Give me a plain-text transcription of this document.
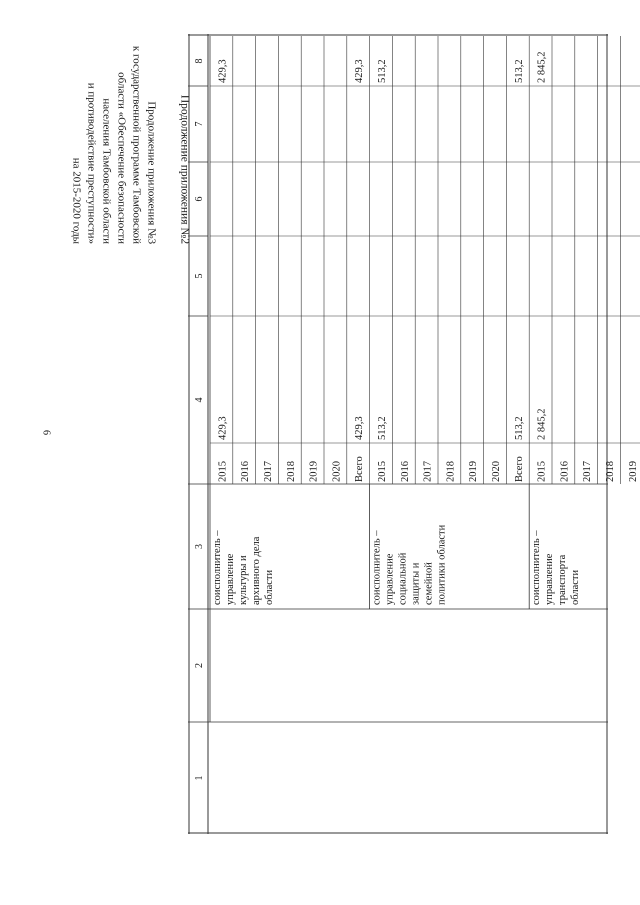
6
Продолжение приложения №2
Продолжение приложения №3
к государственной программе Тамбовской
области «Обеспечение безопасности
населения Тамбовской области
и противодействие преступности»
на 2015-2020 годы
1
2
3
4
5
6
7
8
2015
429,3
429,3
2016 2017 2018 2019 2020 Всего
429,3
429,3
соисполнитель – управление культуры и архивного дела области
2015
513,2
513,2
2016 2017 2018 2019 2020 Всего
513,2
513,2
соисполнитель – управление социальной защиты и семейной политики области
2015
2 845,2
2 845,2
2016 2017 2018 2019
соисполнитель – управление транспорта области
